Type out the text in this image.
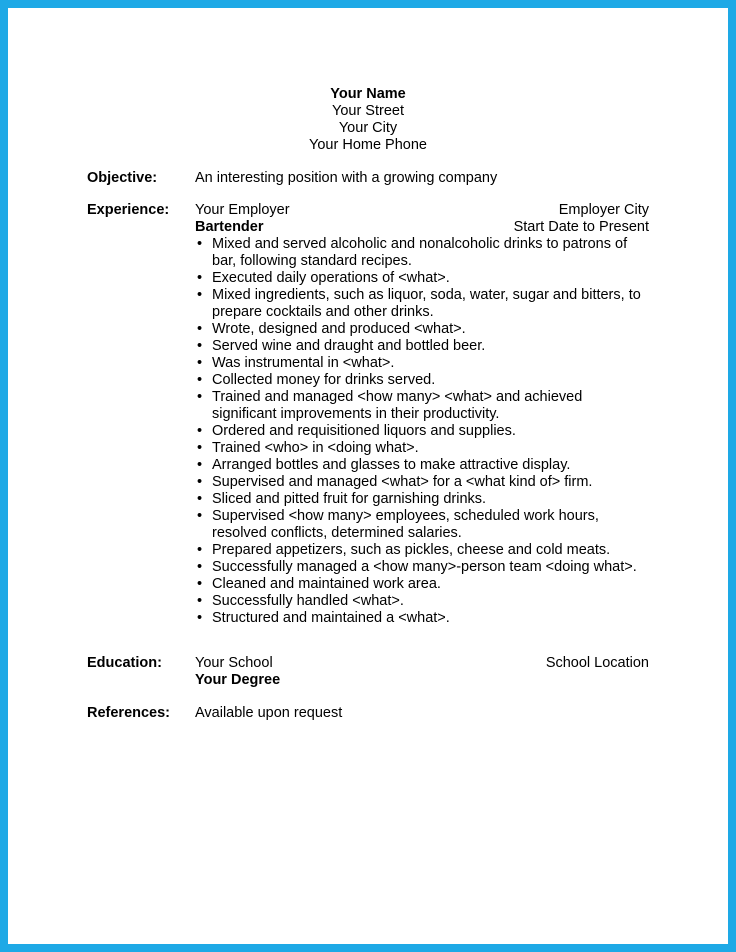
Your Name
Your Street
Your City
Your Home Phone
Objective:	An interesting position with a growing company
Experience: Your Employer	Employer City
Bartender	Start Date to Present
• Mixed and served alcoholic and nonalcoholic drinks to patrons of bar, following standard recipes.
• Executed daily operations of <what>.
• Mixed ingredients, such as liquor, soda, water, sugar and bitters, to prepare cocktails and other drinks.
• Wrote, designed and produced <what>.
• Served wine and draught and bottled beer.
• Was instrumental in <what>.
• Collected money for drinks served.
• Trained and managed <how many> <what> and achieved significant improvements in their productivity.
• Ordered and requisitioned liquors and supplies.
• Trained <who> in <doing what>.
• Arranged bottles and glasses to make attractive display.
• Supervised and managed <what> for a <what kind of> firm.
• Sliced and pitted fruit for garnishing drinks.
• Supervised <how many> employees, scheduled work hours, resolved conflicts, determined salaries.
• Prepared appetizers, such as pickles, cheese and cold meats.
• Successfully managed a <how many>-person team <doing what>.
• Cleaned and maintained work area.
• Successfully handled <what>.
• Structured and maintained a <what>.
Education: Your School	School Location
Your Degree
References: Available upon request
